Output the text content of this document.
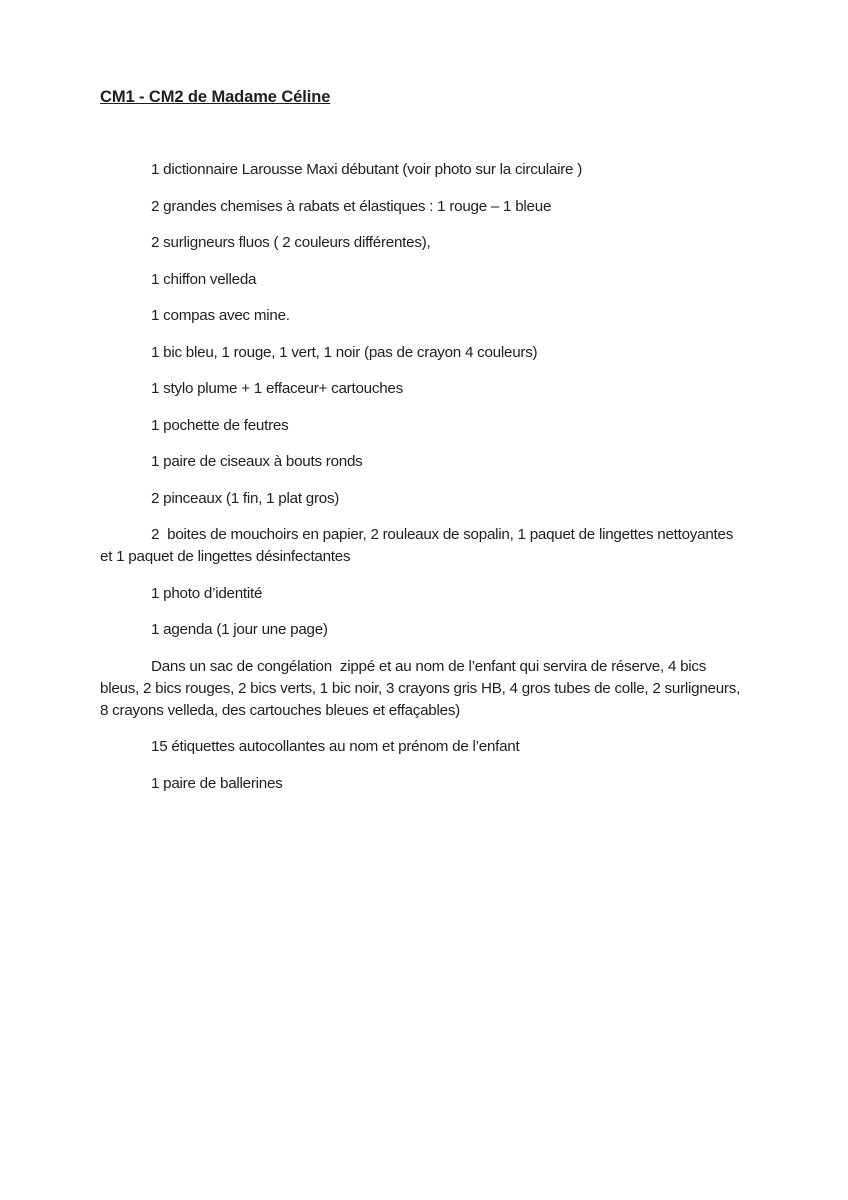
CM1 - CM2 de Madame Céline

1 dictionnaire Larousse Maxi débutant (voir photo sur la circulaire )

2 grandes chemises à rabats et élastiques : 1 rouge – 1 bleue

2 surligneurs fluos ( 2 couleurs différentes),

1 chiffon velleda

1 compas avec mine.

1 bic bleu, 1 rouge, 1 vert, 1 noir (pas de crayon 4 couleurs)

1 stylo plume + 1 effaceur+ cartouches

1 pochette de feutres

1 paire de ciseaux à bouts ronds

2 pinceaux (1 fin, 1 plat gros)

2  boites de mouchoirs en papier, 2 rouleaux de sopalin, 1 paquet de lingettes nettoyantes et 1 paquet de lingettes désinfectantes

1 photo d’identité

1 agenda (1 jour une page)

Dans un sac de congélation  zippé et au nom de l’enfant qui servira de réserve, 4 bics bleus, 2 bics rouges, 2 bics verts, 1 bic noir, 3 crayons gris HB, 4 gros tubes de colle, 2 surligneurs, 8 crayons velleda, des cartouches bleues et effaçables)

15 étiquettes autocollantes au nom et prénom de l’enfant

1 paire de ballerines
